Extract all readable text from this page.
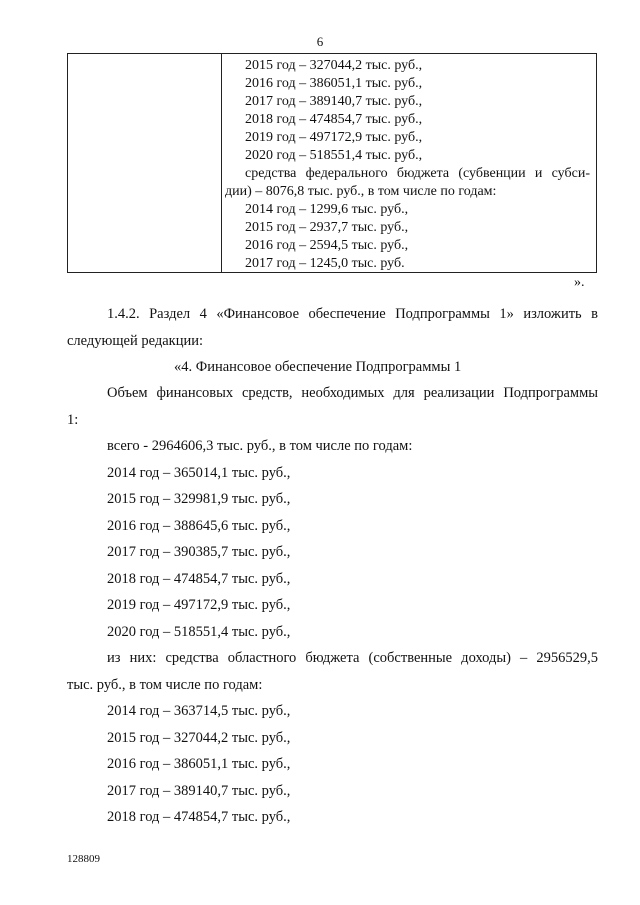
6
2015 год – 327044,2 тыс. руб.,
2016 год – 386051,1 тыс. руб.,
2017 год – 389140,7 тыс. руб.,
2018 год – 474854,7 тыс. руб.,
2019 год – 497172,9 тыс. руб.,
2020 год – 518551,4 тыс. руб.,
средства федерального бюджета (субвенции и субси-
дии) – 8076,8 тыс. руб., в том числе по годам:
2014 год – 1299,6 тыс. руб.,
2015 год – 2937,7 тыс. руб.,
2016 год – 2594,5 тыс. руб.,
2017 год – 1245,0 тыс. руб.
».
1.4.2. Раздел 4 «Финансовое обеспечение Подпрограммы 1» изложить в
следующей редакции:
«4. Финансовое обеспечение Подпрограммы 1
Объем финансовых средств, необходимых для реализации Подпрограммы
1:
всего - 2964606,3 тыс. руб., в том числе по годам:
2014 год – 365014,1 тыс. руб.,
2015 год – 329981,9 тыс. руб.,
2016 год – 388645,6 тыс. руб.,
2017 год – 390385,7 тыс. руб.,
2018 год – 474854,7 тыс. руб.,
2019 год – 497172,9 тыс. руб.,
2020 год – 518551,4 тыс. руб.,
из них: средства областного бюджета (собственные доходы) – 2956529,5
тыс. руб., в том числе по годам:
2014 год – 363714,5 тыс. руб.,
2015 год – 327044,2 тыс. руб.,
2016 год – 386051,1 тыс. руб.,
2017 год – 389140,7 тыс. руб.,
2018 год – 474854,7 тыс. руб.,
128809
